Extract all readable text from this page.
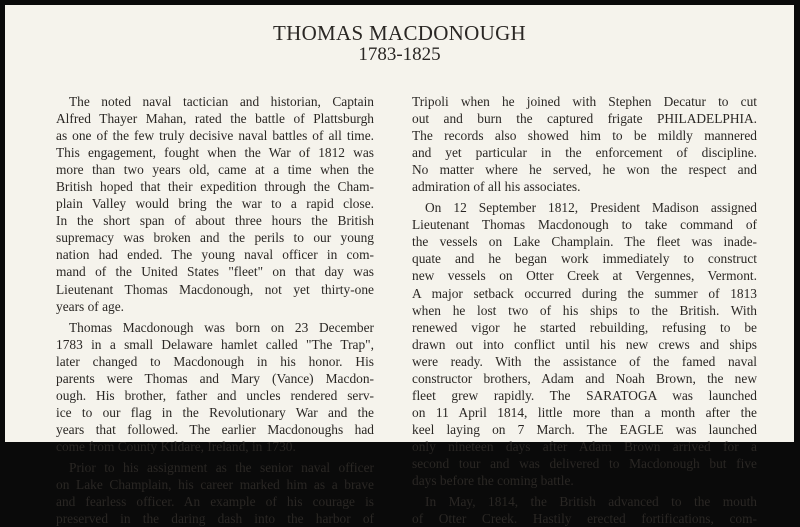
THOMAS MACDONOUGH
1783-1825
The noted naval tactician and historian, Captain
Alfred Thayer Mahan, rated the battle of Plattsburgh
as one of the few truly decisive naval battles of all time.
This engagement, fought when the War of 1812 was
more than two years old, came at a time when the
British hoped that their expedition through the Cham-
plain Valley would bring the war to a rapid close.
In the short span of about three hours the British
supremacy was broken and the perils to our young
nation had ended. The young naval officer in com-
mand of the United States "fleet" on that day was
Lieutenant Thomas Macdonough, not yet thirty-one
years of age.
Thomas Macdonough was born on 23 December
1783 in a small Delaware hamlet called "The Trap",
later changed to Macdonough in his honor. His
parents were Thomas and Mary (Vance) Macdon-
ough. His brother, father and uncles rendered serv-
ice to our flag in the Revolutionary War and the
years that followed. The earlier Macdonoughs had
come from County Kildare, Ireland, in 1730.
Prior to his assignment as the senior naval officer
on Lake Champlain, his career marked him as a brave
and fearless officer. An example of his courage is
preserved in the daring dash into the harbor of
Tripoli when he joined with Stephen Decatur to cut
out and burn the captured frigate PHILADELPHIA.
The records also showed him to be mildly mannered
and yet particular in the enforcement of discipline.
No matter where he served, he won the respect and
admiration of all his associates.
On 12 September 1812, President Madison assigned
Lieutenant Thomas Macdonough to take command of
the vessels on Lake Champlain. The fleet was inade-
quate and he began work immediately to construct
new vessels on Otter Creek at Vergennes, Vermont.
A major setback occurred during the summer of 1813
when he lost two of his ships to the British. With
renewed vigor he started rebuilding, refusing to be
drawn out into conflict until his new crews and ships
were ready. With the assistance of the famed naval
constructor brothers, Adam and Noah Brown, the new
fleet grew rapidly. The SARATOGA was launched
on 11 April 1814, little more than a month after the
keel laying on 7 March. The EAGLE was launched
only nineteen days after Adam Brown arrived for a
second tour and was delivered to Macdonough but five
days before the coming battle.
In May, 1814, the British advanced to the mouth
of Otter Creek. Hastily erected fortifications, com-
